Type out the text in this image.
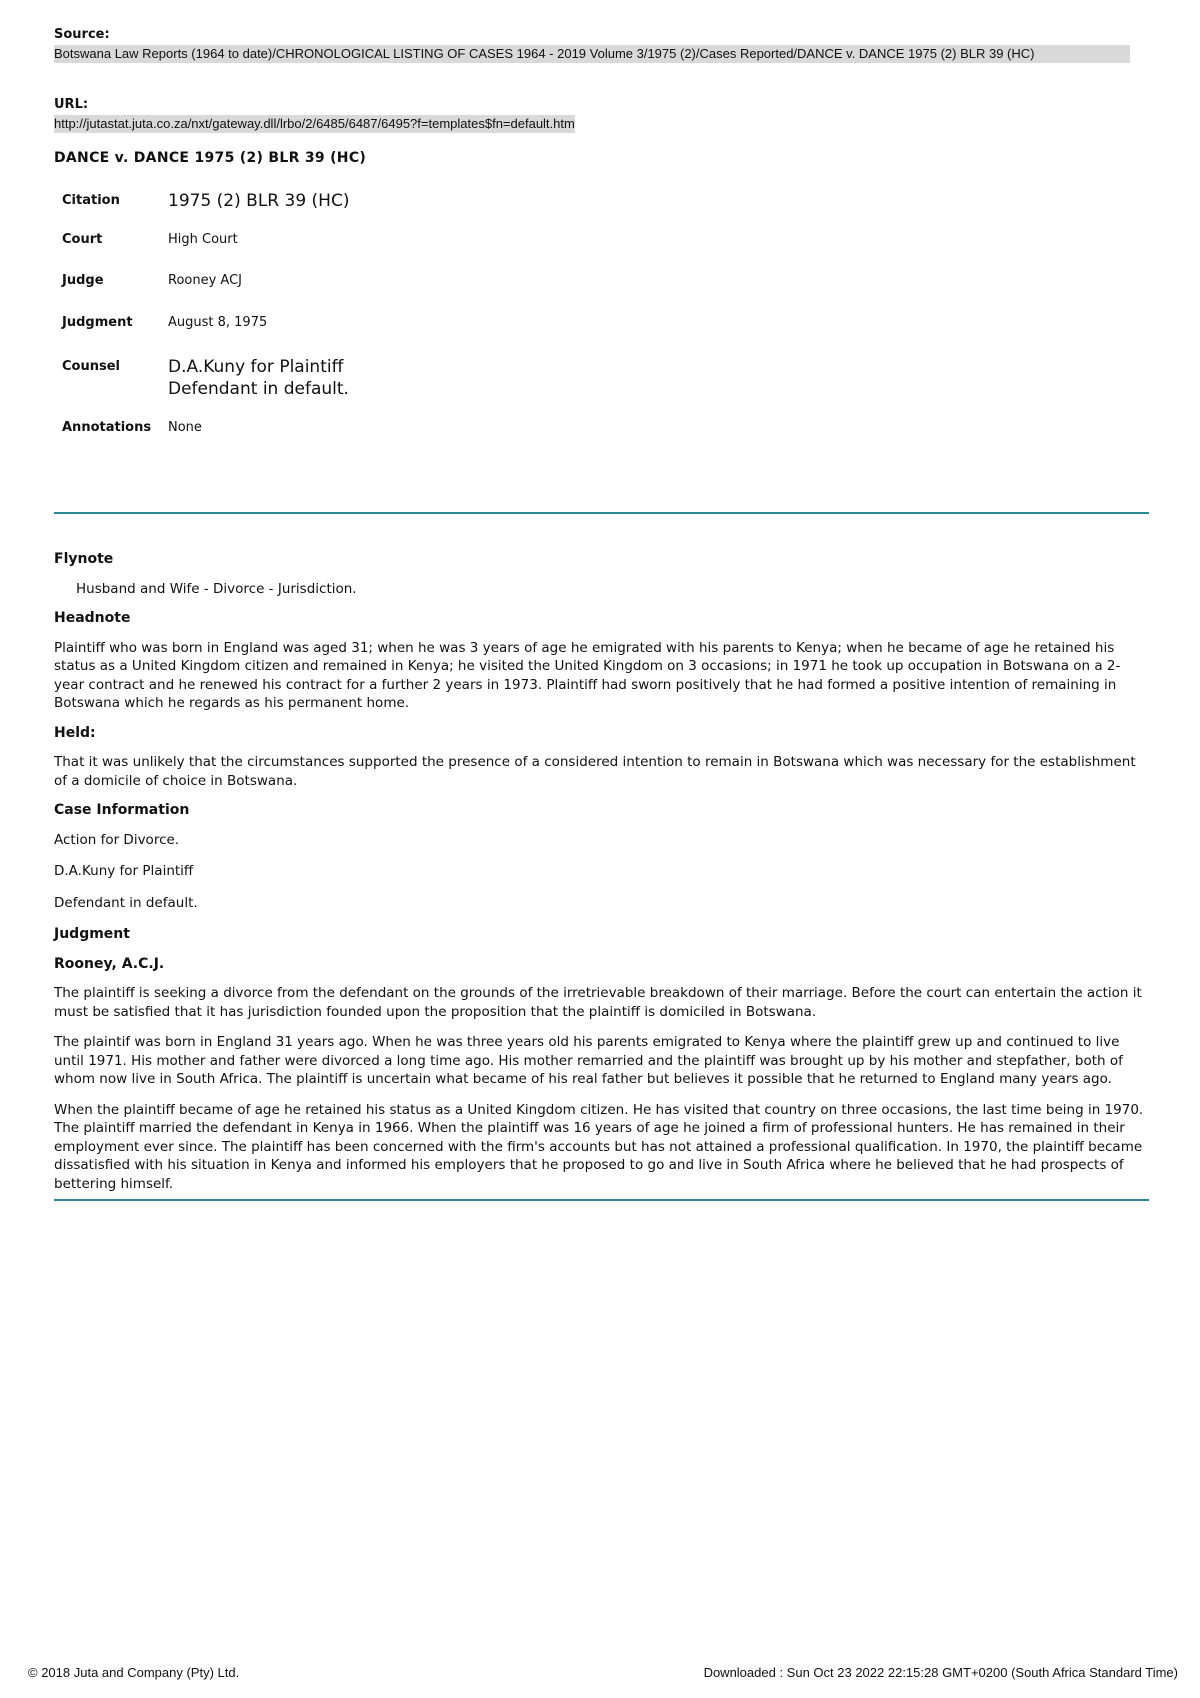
Source:
Botswana Law Reports (1964 to date)/CHRONOLOGICAL LISTING OF CASES 1964 - 2019 Volume 3/1975 (2)/Cases Reported/DANCE v. DANCE 1975 (2) BLR 39 (HC)
URL:
http://jutastat.juta.co.za/nxt/gateway.dll/lrbo/2/6485/6487/6495?f=templates$fn=default.htm
DANCE v. DANCE 1975 (2) BLR 39 (HC)
Citation	1975 (2) BLR 39 (HC)
Court	High Court
Judge	Rooney ACJ
Judgment	August 8, 1975
Counsel	D.A.Kuny for Plaintiff
Defendant in default.

Annotations	None
Flynote

Husband and Wife - Divorce - Jurisdiction.

Headnote

Plaintiff who was born in England was aged 31; when he was 3 years of age he emigrated with his parents to Kenya; when he became of age he retained his status as a United Kingdom citizen and remained in Kenya; he visited the United Kingdom on 3 occasions; in 1971 he took up occupation in Botswana on a 2-year contract and he renewed his contract for a further 2 years in 1973. Plaintiff had sworn positively that he had formed a positive intention of remaining in Botswana which he regards as his permanent home.

Held:

That it was unlikely that the circumstances supported the presence of a considered intention to remain in Botswana which was necessary for the establishment of a domicile of choice in Botswana.

Case Information

Action for Divorce.

D.A.Kuny for Plaintiff

Defendant in default.

Judgment
Rooney, A.C.J.

The plaintiff is seeking a divorce from the defendant on the grounds of the irretrievable breakdown of their marriage. Before the court can entertain the action it must be satisfied that it has jurisdiction founded upon the proposition that the plaintiff is domiciled in Botswana.

The plaintif was born in England 31 years ago. When he was three years old his parents emigrated to Kenya where the plaintiff grew up and continued to live until 1971. His mother and father were divorced a long time ago. His mother remarried and the plaintiff was brought up by his mother and stepfather, both of whom now live in South Africa. The plaintiff is uncertain what became of his real father but believes it possible that he returned to England many years ago.

When the plaintiff became of age he retained his status as a United Kingdom citizen. He has visited that country on three occasions, the last time being in 1970. The plaintiff married the defendant in Kenya in 1966. When the plaintiff was 16 years of age he joined a firm of professional hunters. He has remained in their employment ever since. The plaintiff has been concerned with the firm's accounts but has not attained a professional qualification. In 1970, the plaintiff became dissatisfied with his situation in Kenya and informed his employers that he proposed to go and live in South Africa where he believed that he had prospects of bettering himself.

© 2018 Juta and Company (Pty) Ltd.	Downloaded : Sun Oct 23 2022 22:15:28 GMT+0200 (South Africa Standard Time)
